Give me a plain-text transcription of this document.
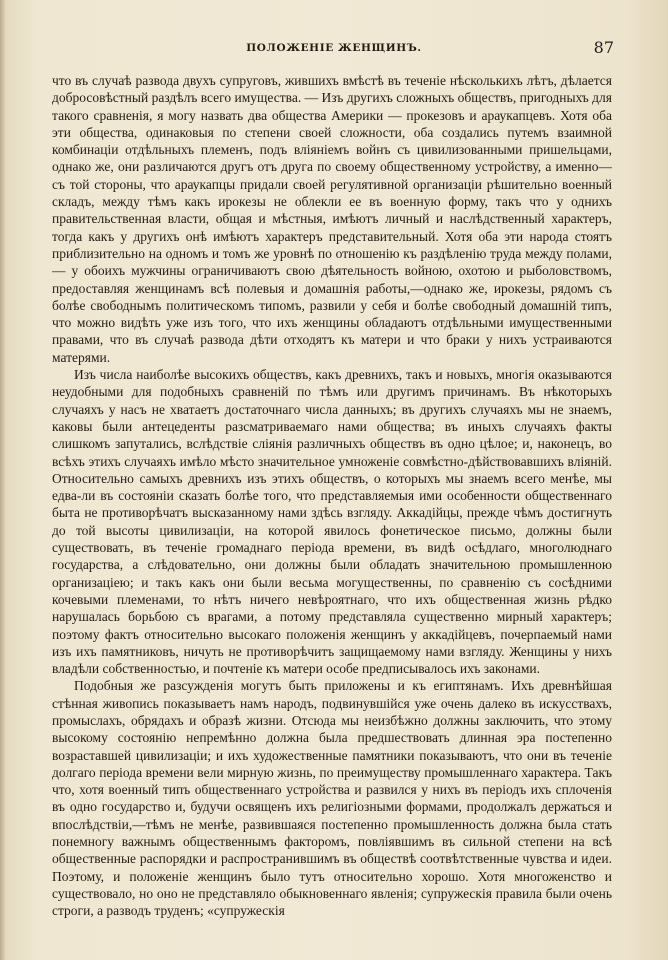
ПОЛОЖЕНІЕ ЖЕНЩИНЪ.	87

что въ случаѣ развода двухъ супруговъ, жившихъ вмѣстѣ въ теченіе нѣсколькихъ лѣтъ, дѣлается добросовѣстный раздѣлъ всего имущества. — Изъ другихъ сложныхъ обществъ, пригодныхъ для такого сравненія, я могу назвать два общества Америки — прокезовъ и араукапцевъ. Хотя оба эти общества, одинаковыя по степени своей сложности, оба создались путемъ взаимной комбинаціи отдѣльныхъ племенъ, подъ вліяніемъ войнъ съ цивилизованными пришельцами, однако же, они различаются другъ отъ друга по своему общественному устройству, а именно—съ той стороны, что араукапцы придали своей регулятивной организаціи рѣшительно военный складъ, между тѣмъ какъ ирокезы не облекли ее въ военную форму, такъ что у однихъ правительственная власти, общая и мѣстныя, имѣютъ личный и наслѣдственный характеръ, тогда какъ у другихъ онѣ имѣютъ характеръ представительный. Хотя оба эти народа стоятъ приблизительно на одномъ и томъ же уровнѣ по отношенію къ раздѣленію труда между полами, — у обоихъ мужчины ограничиваютъ свою дѣятельность войною, охотою и рыболовствомъ, предоставляя женщинамъ всѣ полевыя и домашнія работы,—однако же, ирокезы, рядомъ съ болѣе свободнымъ политическомъ типомъ, развили у себя и болѣе свободный домашній типъ, что можно видѣть уже изъ того, что ихъ женщины обладаютъ отдѣльными имущественными правами, что въ случаѣ развода дѣти отходятъ къ матери и что браки у нихъ устраиваются матерями.

Изъ числа наиболѣе высокихъ обществъ, какъ древнихъ, такъ и новыхъ, многія оказываются неудобными для подобныхъ сравненій по тѣмъ или другимъ причинамъ. Въ нѣкоторыхъ случаяхъ у насъ не хватаетъ достаточнаго числа данныхъ; въ другихъ случаяхъ мы не знаемъ, каковы были антецеденты разсматриваемаго нами общества; въ иныхъ случаяхъ факты слишкомъ запутались, вслѣдствіе слiянія различныхъ обществъ въ одно цѣлое; и, наконецъ, во всѣхъ этихъ случаяхъ имѣло мѣсто значительное умноженіе совмѣстно-дѣйствовавшихъ вліяній. Относительно самыхъ древнихъ изъ этихъ обществъ, о которыхъ мы знаемъ всего менѣе, мы едва-ли въ состояніи сказать болѣе того, что представляемыя ими особенности общественнаго быта не противорѣчатъ высказанному нами здѣсь взгляду. Аккадійцы, прежде чѣмъ достигнуть до той высоты цивилизаціи, на которой явилось фонетическое письмо, должны были существовать, въ теченіе громаднаго періода времени, въ видѣ осѣдлаго, многолюднаго государства, а слѣдовательно, они должны были обладать значительною промышленною организаціею; и такъ какъ они были весьма могущественны, по сравненію съ сосѣдними кочевыми племенами, то нѣтъ ничего невѣроятнаго, что ихъ общественная жизнь рѣдко нарушалась борьбою съ врагами, а потому представляла существенно мирный характеръ; поэтому фактъ относительно высокаго положенія женщинъ у аккадійцевъ, почерпаемый нами изъ ихъ памятниковъ, ничуть не противорѣчитъ защищаемому нами взгляду. Женщины у нихъ владѣли собственностью, и почтеніе къ матери особе предписывалось ихъ законами.

Подобныя же разсужденія могутъ быть приложены и къ египтянамъ. Ихъ древнѣйшая стѣнная живопись показываетъ намъ народъ, подвинувшійся уже очень далеко въ искусствахъ, промыслахъ, обрядахъ и образѣ жизни. Отсюда мы неизбѣжно должны заключить, что этому высокому состоянію непремѣнно должна была предшествовать длинная эра постепенно возраставшей цивилизаціи; и ихъ художественные памятники показываютъ, что они въ теченіе долгаго періода времени вели мирную жизнь, по преимуществу промышленнаго характера. Такъ что, хотя военный типъ общественнаго устройства и развился у нихъ въ періодъ ихъ сплоченія въ одно государство и, будучи освященъ ихъ религіозными формами, продолжалъ держаться и впослѣдствіи,—тѣмъ не менѣе, развившаяся постепенно промышленность должна была стать понемногу важнымъ общественнымъ факторомъ, повліявшимъ въ сильной степени на всѣ общественные распорядки и распространившимъ въ обществѣ соотвѣтственные чувства и идеи. Поэтому, и положеніе женщинъ было тутъ относительно хорошо. Хотя многоженство и существовало, но оно не представляло обыкновеннаго явленія; супружескія правила были очень строги, а разводъ труденъ; «супружескія
